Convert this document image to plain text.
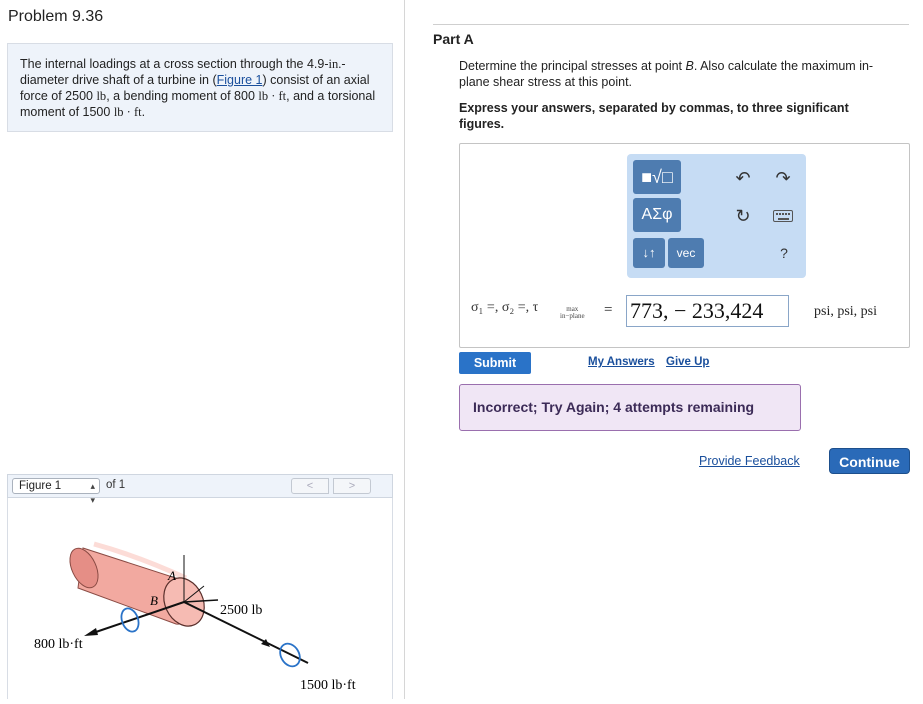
Problem 9.36
The internal loadings at a cross section through the 4.9-in.-diameter drive shaft of a turbine in (Figure 1) consist of an axial force of 2500 lb, a bending moment of 800 lb · ft, and a torsional moment of 1500 lb · ft.
Figure 1	▴
▾
of 1	<	>
A
B
2500 lb
800 lb·ft
1500 lb·ft
Part A
Determine the principal stresses at point B. Also calculate the maximum in-plane shear stress at this point.
Express your answers, separated by commas, to three significant figures.
■√□
ΑΣφ
↓↑	vec
↶ ↷
↻
?
σ₁ =, σ₂ =, τ	max
in−plane = 773, − 233,424	psi, psi, psi
Submit	My Answers Give Up
Incorrect; Try Again; 4 attempts remaining
Provide Feedback	Continue
